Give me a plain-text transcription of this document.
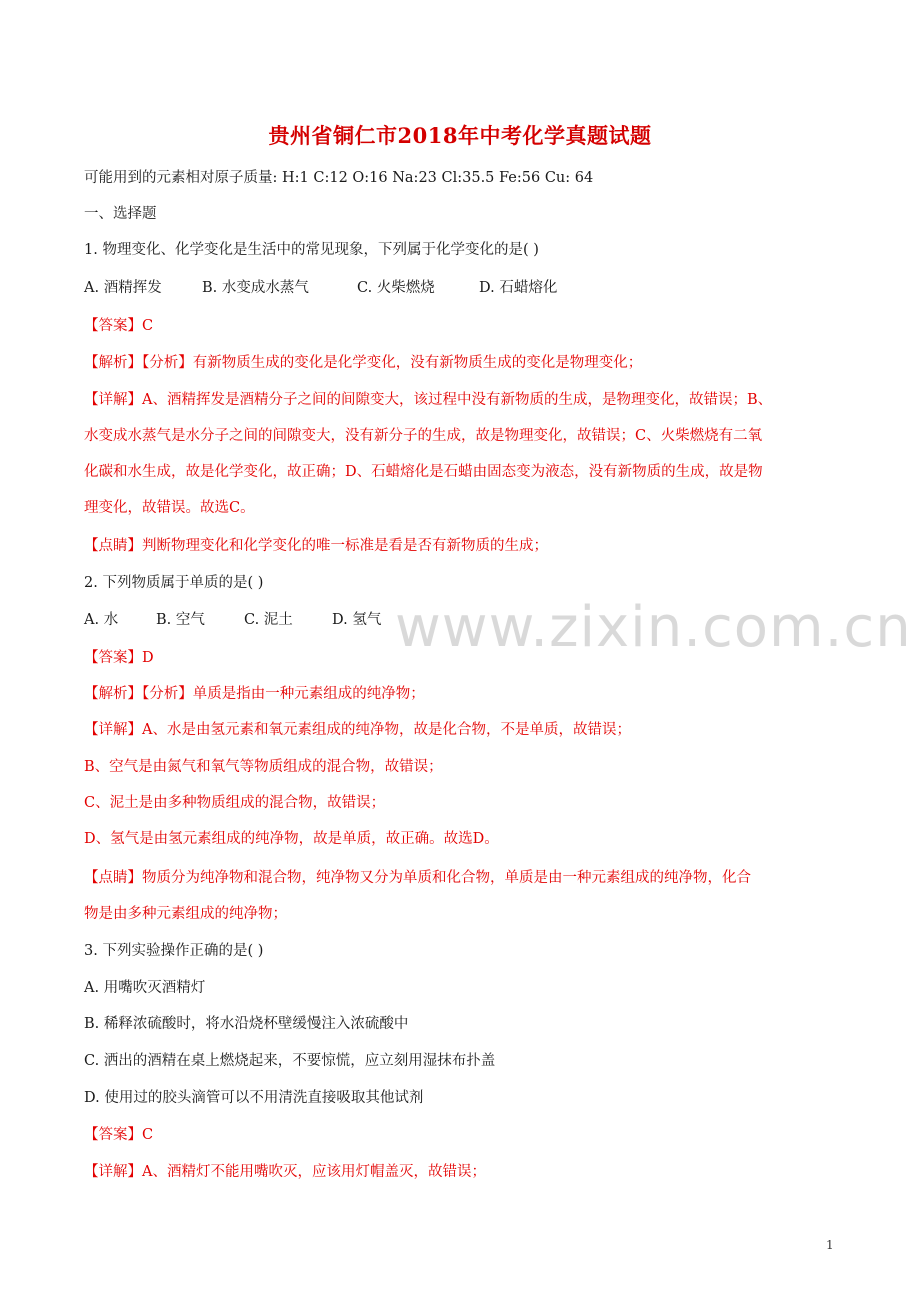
贵州省铜仁市2018年中考化学真题试题
可能用到的元素相对原子质量: H:1 C:12 O:16 Na:23 Cl:35.5 Fe:56 Cu: 64
一、选择题
1. 物理变化、化学变化是生活中的常见现象，下列属于化学变化的是( )
A. 酒精挥发	B. 水变成水蒸气	C. 火柴燃烧	D. 石蜡熔化
【答案】C
【解析】【分析】有新物质生成的变化是化学变化，没有新物质生成的变化是物理变化；
【详解】A、酒精挥发是酒精分子之间的间隙变大，该过程中没有新物质的生成，是物理变化，故错误；B、
水变成水蒸气是水分子之间的间隙变大，没有新分子的生成，故是物理变化，故错误；C、火柴燃烧有二氧
化碳和水生成，故是化学变化，故正确；D、石蜡熔化是石蜡由固态变为液态，没有新物质的生成，故是物
理变化，故错误。故选C。
【点睛】判断物理变化和化学变化的唯一标准是看是否有新物质的生成；
2. 下列物质属于单质的是( )
A. 水	B. 空气	C. 泥土	D. 氢气
【答案】D
【解析】【分析】单质是指由一种元素组成的纯净物；
【详解】A、水是由氢元素和氧元素组成的纯净物，故是化合物，不是单质，故错误；
B、空气是由氮气和氧气等物质组成的混合物，故错误；
C、泥土是由多种物质组成的混合物，故错误；
D、氢气是由氢元素组成的纯净物，故是单质，故正确。故选D。
【点睛】物质分为纯净物和混合物，纯净物又分为单质和化合物，单质是由一种元素组成的纯净物，化合
物是由多种元素组成的纯净物；
3. 下列实验操作正确的是( )
A. 用嘴吹灭酒精灯
B. 稀释浓硫酸时，将水沿烧杯壁缓慢注入浓硫酸中
C. 洒出的酒精在桌上燃烧起来，不要惊慌，应立刻用湿抹布扑盖
D. 使用过的胶头滴管可以不用清洗直接吸取其他试剂
【答案】C
【详解】A、酒精灯不能用嘴吹灭，应该用灯帽盖灭，故错误；
www.zixin.com.cn
1
